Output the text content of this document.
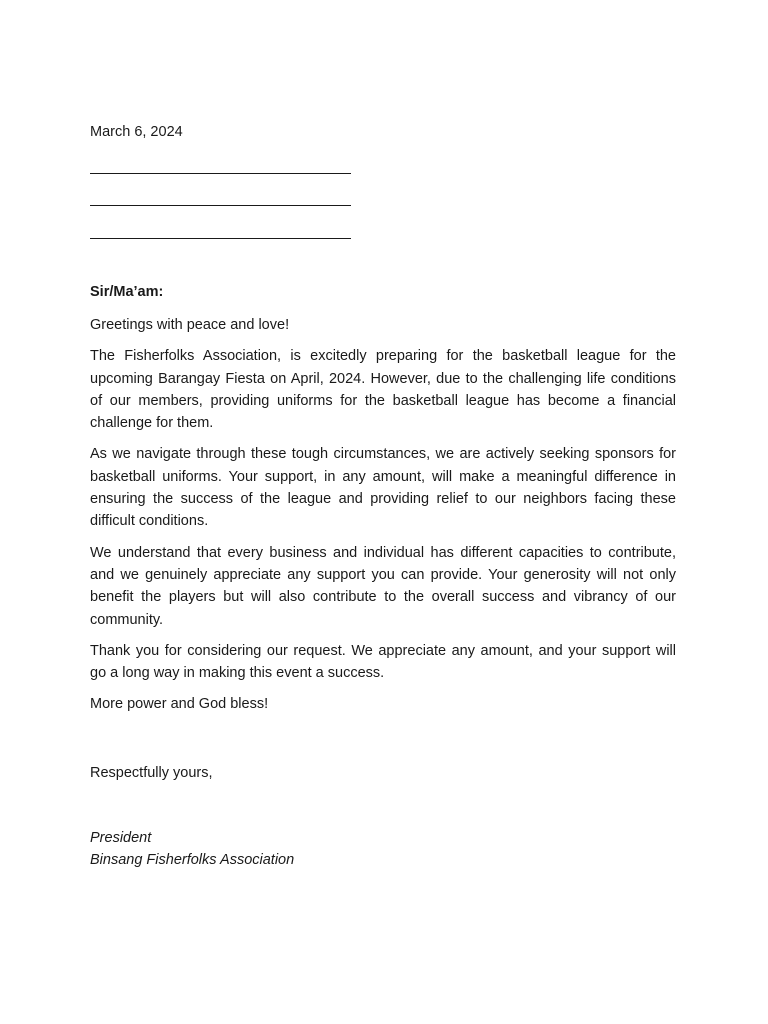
March 6, 2024
Sir/Ma’am:

Greetings with peace and love!

The Fisherfolks Association, is excitedly preparing for the basketball league for the upcoming Barangay Fiesta on April, 2024. However, due to the challenging life conditions of our members, providing uniforms for the basketball league has become a financial challenge for them.

As we navigate through these tough circumstances, we are actively seeking sponsors for basketball uniforms. Your support, in any amount, will make a meaningful difference in ensuring the success of the league and providing relief to our neighbors facing these difficult conditions.

We understand that every business and individual has different capacities to contribute, and we genuinely appreciate any support you can provide. Your generosity will not only benefit the players but will also contribute to the overall success and vibrancy of our community.

Thank you for considering our request. We appreciate any amount, and your support will go a long way in making this event a success.

More power and God bless!

Respectfully yours,
President
Binsang Fisherfolks Association
